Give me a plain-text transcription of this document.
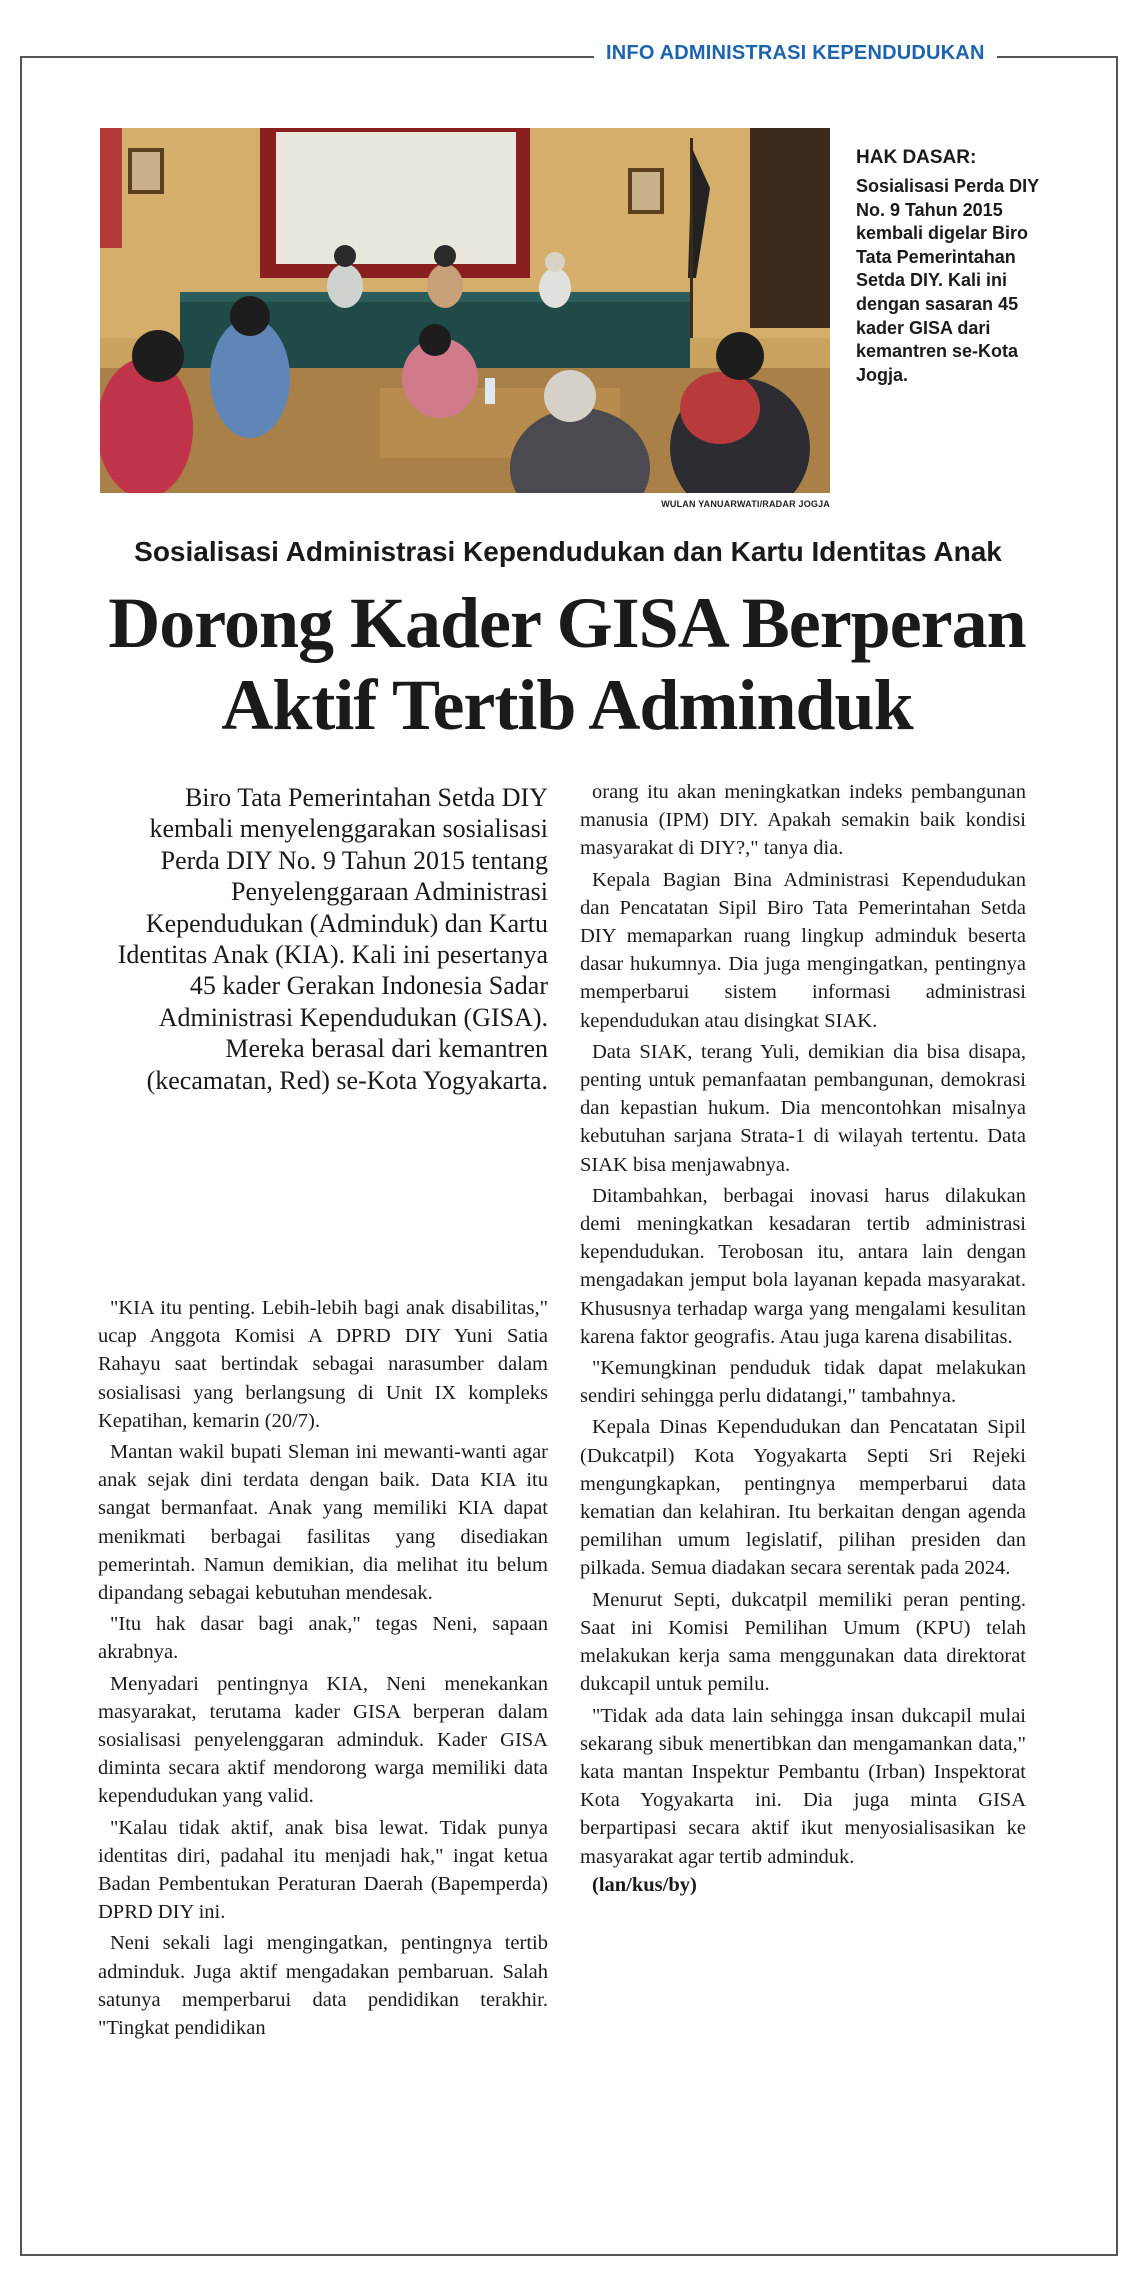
INFO ADMINISTRASI KEPENDUDUKAN
WULAN YANUARWATI/RADAR JOGJA
HAK DASAR:
Sosialisasi Perda DIY No. 9 Tahun 2015 kembali digelar Biro Tata Pemerintahan Setda DIY. Kali ini dengan sasaran 45 kader GISA dari kemantren se-Kota Jogja.
Sosialisasi Administrasi Kependudukan dan Kartu Identitas Anak
Dorong Kader GISA Berperan
Aktif Tertib Adminduk
Biro Tata Pemerintahan Setda DIY kembali menyelenggarakan sosialisasi Perda DIY No. 9 Tahun 2015 tentang Penyelenggaraan Administrasi Kependudukan (Adminduk) dan Kartu Identitas Anak (KIA). Kali ini pesertanya 45 kader Gerakan Indonesia Sadar Administrasi Kependudukan (GISA). Mereka berasal dari kemantren (kecamatan, Red) se-Kota Yogyakarta.

"KIA itu penting. Lebih-lebih bagi anak disabilitas," ucap Anggota Komisi A DPRD DIY Yuni Satia Rahayu saat bertindak sebagai narasumber dalam sosialisasi yang berlangsung di Unit IX kompleks Kepatihan, kemarin (20/7).

Mantan wakil bupati Sleman ini mewanti-wanti agar anak sejak dini terdata dengan baik. Data KIA itu sangat bermanfaat. Anak yang memiliki KIA dapat menikmati berbagai fasilitas yang disediakan pemerintah. Namun demikian, dia melihat itu belum dipandang sebagai kebutuhan mendesak.

"Itu hak dasar bagi anak," tegas Neni, sapaan akrabnya.

Menyadari pentingnya KIA, Neni menekankan masyarakat, terutama kader GISA berperan dalam sosialisasi penyelenggaran adminduk. Kader GISA diminta secara aktif mendorong warga memiliki data kependudukan yang valid.

"Kalau tidak aktif, anak bisa lewat. Tidak punya identitas diri, padahal itu menjadi hak," ingat ketua Badan Pembentukan Peraturan Daerah (Bapemperda) DPRD DIY ini.

Neni sekali lagi mengingatkan, pentingnya tertib adminduk. Juga aktif mengadakan pembaruan. Salah satunya memperbarui data pendidikan terakhir. "Tingkat pendidikan

orang itu akan meningkatkan indeks pembangunan manusia (IPM) DIY. Apakah semakin baik kondisi masyarakat di DIY?," tanya dia.

Kepala Bagian Bina Administrasi Kependudukan dan Pencatatan Sipil Biro Tata Pemerintahan Setda DIY memaparkan ruang lingkup adminduk beserta dasar hukumnya. Dia juga mengingatkan, pentingnya memperbarui sistem informasi administrasi kependudukan atau disingkat SIAK.

Data SIAK, terang Yuli, demikian dia bisa disapa, penting untuk pemanfaatan pembangunan, demokrasi dan kepastian hukum. Dia mencontohkan misalnya kebutuhan sarjana Strata-1 di wilayah tertentu. Data SIAK bisa menjawabnya.

Ditambahkan, berbagai inovasi harus dilakukan demi meningkatkan kesadaran tertib administrasi kependudukan. Terobosan itu, antara lain dengan mengadakan jemput bola layanan kepada masyarakat. Khususnya terhadap warga yang mengalami kesulitan karena faktor geografis. Atau juga karena disabilitas.

"Kemungkinan penduduk tidak dapat melakukan sendiri sehingga perlu didatangi," tambahnya.

Kepala Dinas Kependudukan dan Pencatatan Sipil (Dukcatpil) Kota Yogyakarta Septi Sri Rejeki mengungkapkan, pentingnya memperbarui data kematian dan kelahiran. Itu berkaitan dengan agenda pemilihan umum legislatif, pilihan presiden dan pilkada. Semua diadakan secara serentak pada 2024.

Menurut Septi, dukcatpil memiliki peran penting. Saat ini Komisi Pemilihan Umum (KPU) telah melakukan kerja sama menggunakan data direktorat dukcapil untuk pemilu.

"Tidak ada data lain sehingga insan dukcapil mulai sekarang sibuk menertibkan dan mengamankan data," kata mantan Inspektur Pembantu (Irban) Inspektorat Kota Yogyakarta ini. Dia juga minta GISA berpartipasi secara aktif ikut menyosialisasikan ke masyarakat agar tertib adminduk.

(lan/kus/by)
